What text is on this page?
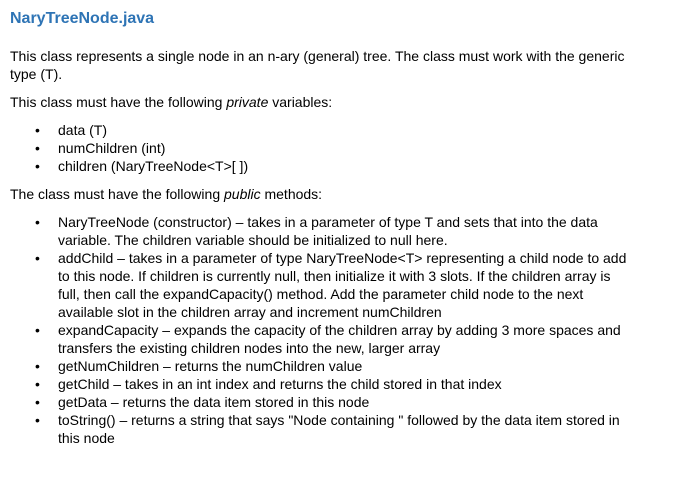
NaryTreeNode.java

This class represents a single node in an n-ary (general) tree. The class must work with the generic type (T).

This class must have the following private variables:

• data (T)
• numChildren (int)
• children (NaryTreeNode<T>[ ])

The class must have the following public methods:

• NaryTreeNode (constructor) – takes in a parameter of type T and sets that into the data variable. The children variable should be initialized to null here.
• addChild – takes in a parameter of type NaryTreeNode<T> representing a child node to add to this node. If children is currently null, then initialize it with 3 slots. If the children array is full, then call the expandCapacity() method. Add the parameter child node to the next available slot in the children array and increment numChildren
• expandCapacity – expands the capacity of the children array by adding 3 more spaces and transfers the existing children nodes into the new, larger array
• getNumChildren – returns the numChildren value
• getChild – takes in an int index and returns the child stored in that index
• getData – returns the data item stored in this node
• toString() – returns a string that says "Node containing " followed by the data item stored in this node
